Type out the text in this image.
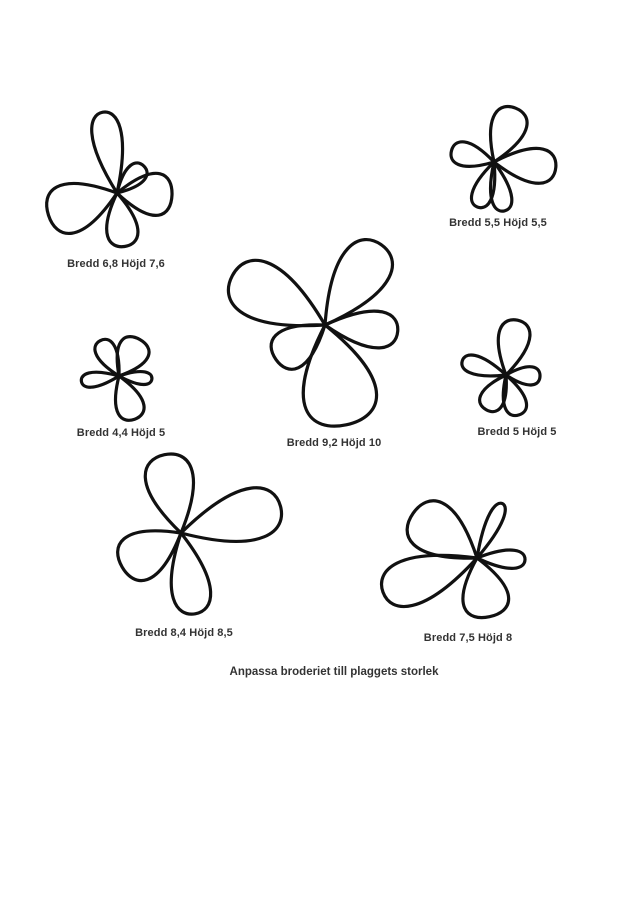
Bredd 6,8 Höjd 7,6
Bredd 5,5 Höjd 5,5
Bredd 4,4 Höjd 5
Bredd 9,2 Höjd 10
Bredd 5 Höjd 5
Bredd 8,4 Höjd 8,5	Bredd 7,5 Höjd 8
Anpassa broderiet till plaggets storlek
